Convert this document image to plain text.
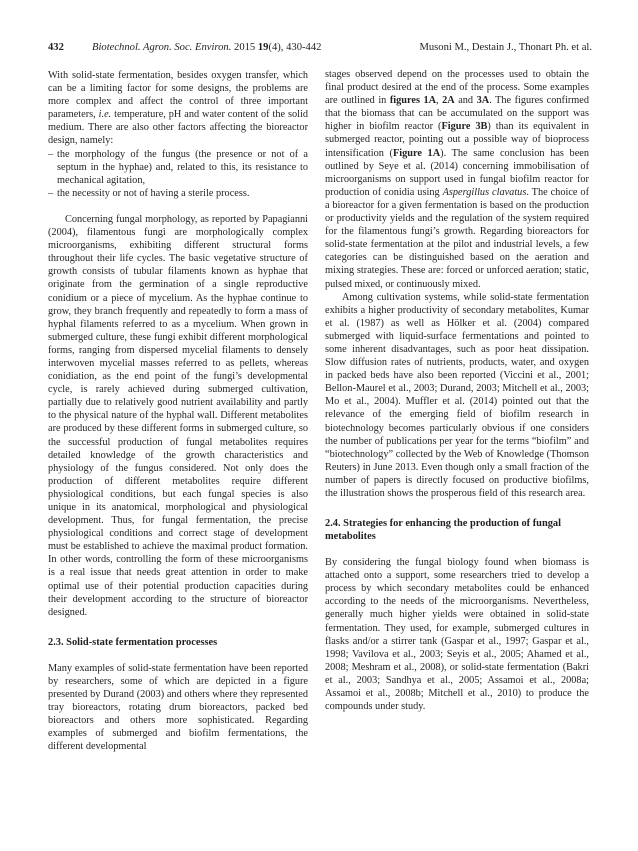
432	Biotechnol. Agron. Soc. Environ. 2015 19(4), 430-442	Musoni M., Destain J., Thonart Ph. et al.

With solid-state fermentation, besides oxygen transfer, which can be a limiting factor for some designs, the problems are more complex and affect the control of three important parameters, i.e. temperature, pH and water content of the solid medium. There are also other factors affecting the bioreactor design, namely:

– the morphology of the fungus (the presence or not of a septum in the hyphae) and, related to this, its resistance to mechanical agitation,
– the necessity or not of having a sterile process.

Concerning fungal morphology, as reported by Papagianni (2004), filamentous fungi are morphologically complex microorganisms, exhibiting different structural forms throughout their life cycles. The basic vegetative structure of growth consists of tubular filaments known as hyphae that originate from the germination of a single reproductive conidium or a piece of mycelium. As the hyphae continue to grow, they branch frequently and repeatedly to form a mass of hyphal filaments referred to as a mycelium. When grown in submerged culture, these fungi exhibit different morphological forms, ranging from dispersed mycelial filaments to densely interwoven mycelial masses referred to as pellets, whereas conidiation, as the end point of the fungi’s developmental cycle, is rarely achieved during submerged cultivation, partially due to relatively good nutrient availability and partly to the physical nature of the hyphal wall. Different metabolites are produced by these different forms in submerged culture, so the successful production of fungal metabolites requires detailed knowledge of the growth characteristics and physiology of the fungus considered. Not only does the production of different metabolites require different physiological conditions, but each fungal species is also unique in its anatomical, morphological and physiological development. Thus, for fungal fermentation, the precise physiological conditions and correct stage of development must be established to achieve the maximal product formation. In other words, controlling the form of these microorganisms is a real issue that needs great attention in order to make optimal use of their potential production capacities during their development according to the structure of bioreactor designed.

2.3. Solid-state fermentation processes

Many examples of solid-state fermentation have been reported by researchers, some of which are depicted in a figure presented by Durand (2003) and others where they represented tray bioreactors, rotating drum bioreactors, packed bed bioreactors and others more sophisticated. Regarding examples of submerged and biofilm fermentations, the different developmental

stages observed depend on the processes used to obtain the final product desired at the end of the process. Some examples are outlined in figures 1A, 2A and 3A. The figures confirmed that the biomass that can be accumulated on the support was higher in biofilm reactor (Figure 3B) than its equivalent in submerged reactor, pointing out a possible way of bioprocess intensification (Figure 1A). The same conclusion has been outlined by Seye et al. (2014) concerning immobilisation of microorganisms on support used in fungal biofilm reactor for production of conidia using Aspergillus clavatus. The choice of a bioreactor for a given fermentation is based on the production or productivity yields and the regulation of the system required for the filamentous fungi’s growth. Regarding bioreactors for solid-state fermentation at the pilot and industrial levels, a few categories can be distinguished based on the aeration and mixing strategies. These are: forced or unforced aeration; static, pulsed mixed, or continuously mixed.

Among cultivation systems, while solid-state fermentation exhibits a higher productivity of secondary metabolites, Kumar et al. (1987) as well as Hölker et al. (2004) compared submerged with liquid-surface fermentations and pointed to some inherent disadvantages, such as poor heat dissipation. Slow diffusion rates of nutrients, products, water, and oxygen in packed beds have also been reported (Viccini et al., 2001; Bellon-Maurel et al., 2003; Durand, 2003; Mitchell et al., 2003; Mo et al., 2004). Muffler et al. (2014) pointed out that the relevance of the emerging field of biofilm research in biotechnology becomes particularly obvious if one considers the number of publications per year for the terms “biofilm” and “biotechnology” collected by the Web of Knowledge (Thomson Reuters) in June 2013. Even though only a small fraction of the number of papers is directly focused on productive biofilms, the illustration shows the prosperous field of this research area.

2.4. Strategies for enhancing the production of fungal metabolites

By considering the fungal biology found when biomass is attached onto a support, some researchers tried to develop a process by which secondary metabolites could be enhanced according to the needs of the microorganisms. Nevertheless, generally much higher yields were obtained in solid-state fermentation. They used, for example, submerged cultures in flasks and/or a stirrer tank (Gaspar et al., 1997; Gaspar et al., 1998; Vavilova et al., 2003; Seyis et al., 2005; Ahamed et al., 2008; Meshram et al., 2008), or solid-state fermentation (Bakri et al., 2003; Sandhya et al., 2005; Assamoi et al., 2008a; Assamoi et al., 2008b; Mitchell et al., 2010) to produce the compounds under study.
